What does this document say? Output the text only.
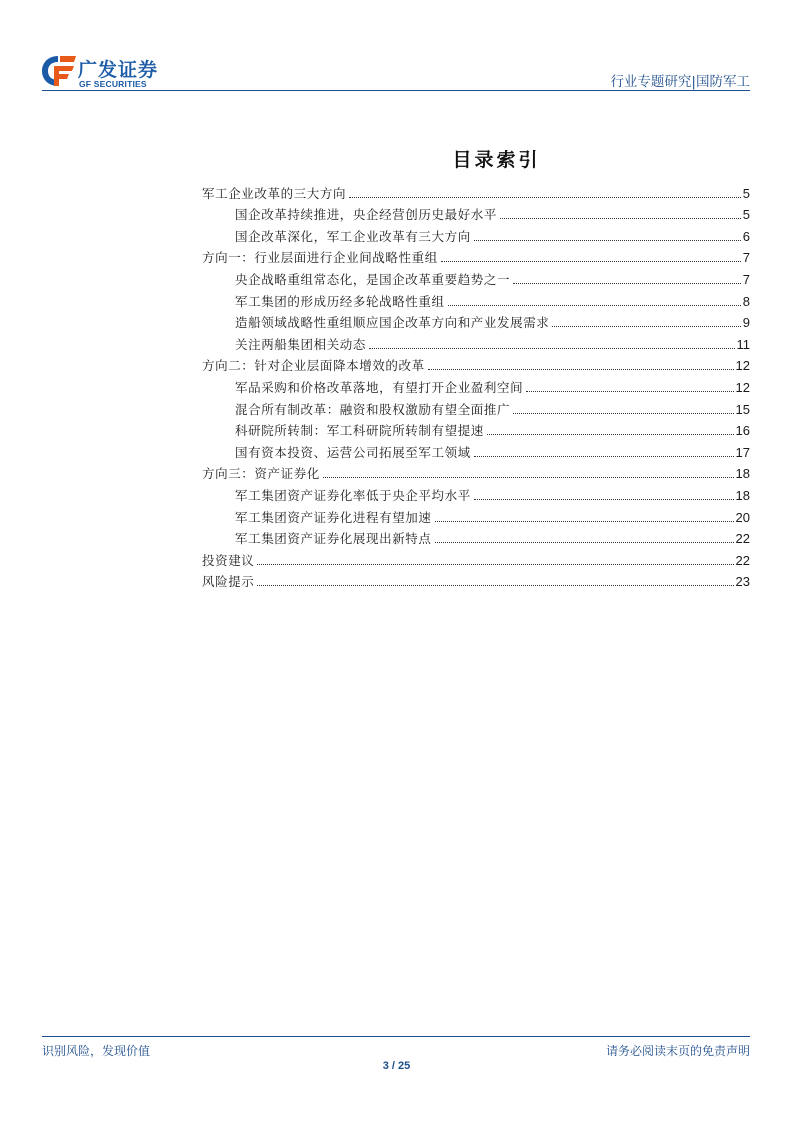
广发证券
GF SECURITIES	行业专题研究|国防军工
目录索引
军工企业改革的三大方向	5
国企改革持续推进，央企经营创历史最好水平	5
国企改革深化，军工企业改革有三大方向	6
方向一：行业层面进行企业间战略性重组	7
央企战略重组常态化，是国企改革重要趋势之一	7
军工集团的形成历经多轮战略性重组	8
造船领域战略性重组顺应国企改革方向和产业发展需求	9
关注两船集团相关动态	11
方向二：针对企业层面降本增效的改革	12
军品采购和价格改革落地，有望打开企业盈利空间	12
混合所有制改革：融资和股权激励有望全面推广	15
科研院所转制：军工科研院所转制有望提速	16
国有资本投资、运营公司拓展至军工领域	17
方向三：资产证券化	18
军工集团资产证券化率低于央企平均水平	18
军工集团资产证券化进程有望加速	20
军工集团资产证券化展现出新特点	22
投资建议	22
风险提示	23
识别风险，发现价值	请务必阅读末页的免责声明
3 / 25
